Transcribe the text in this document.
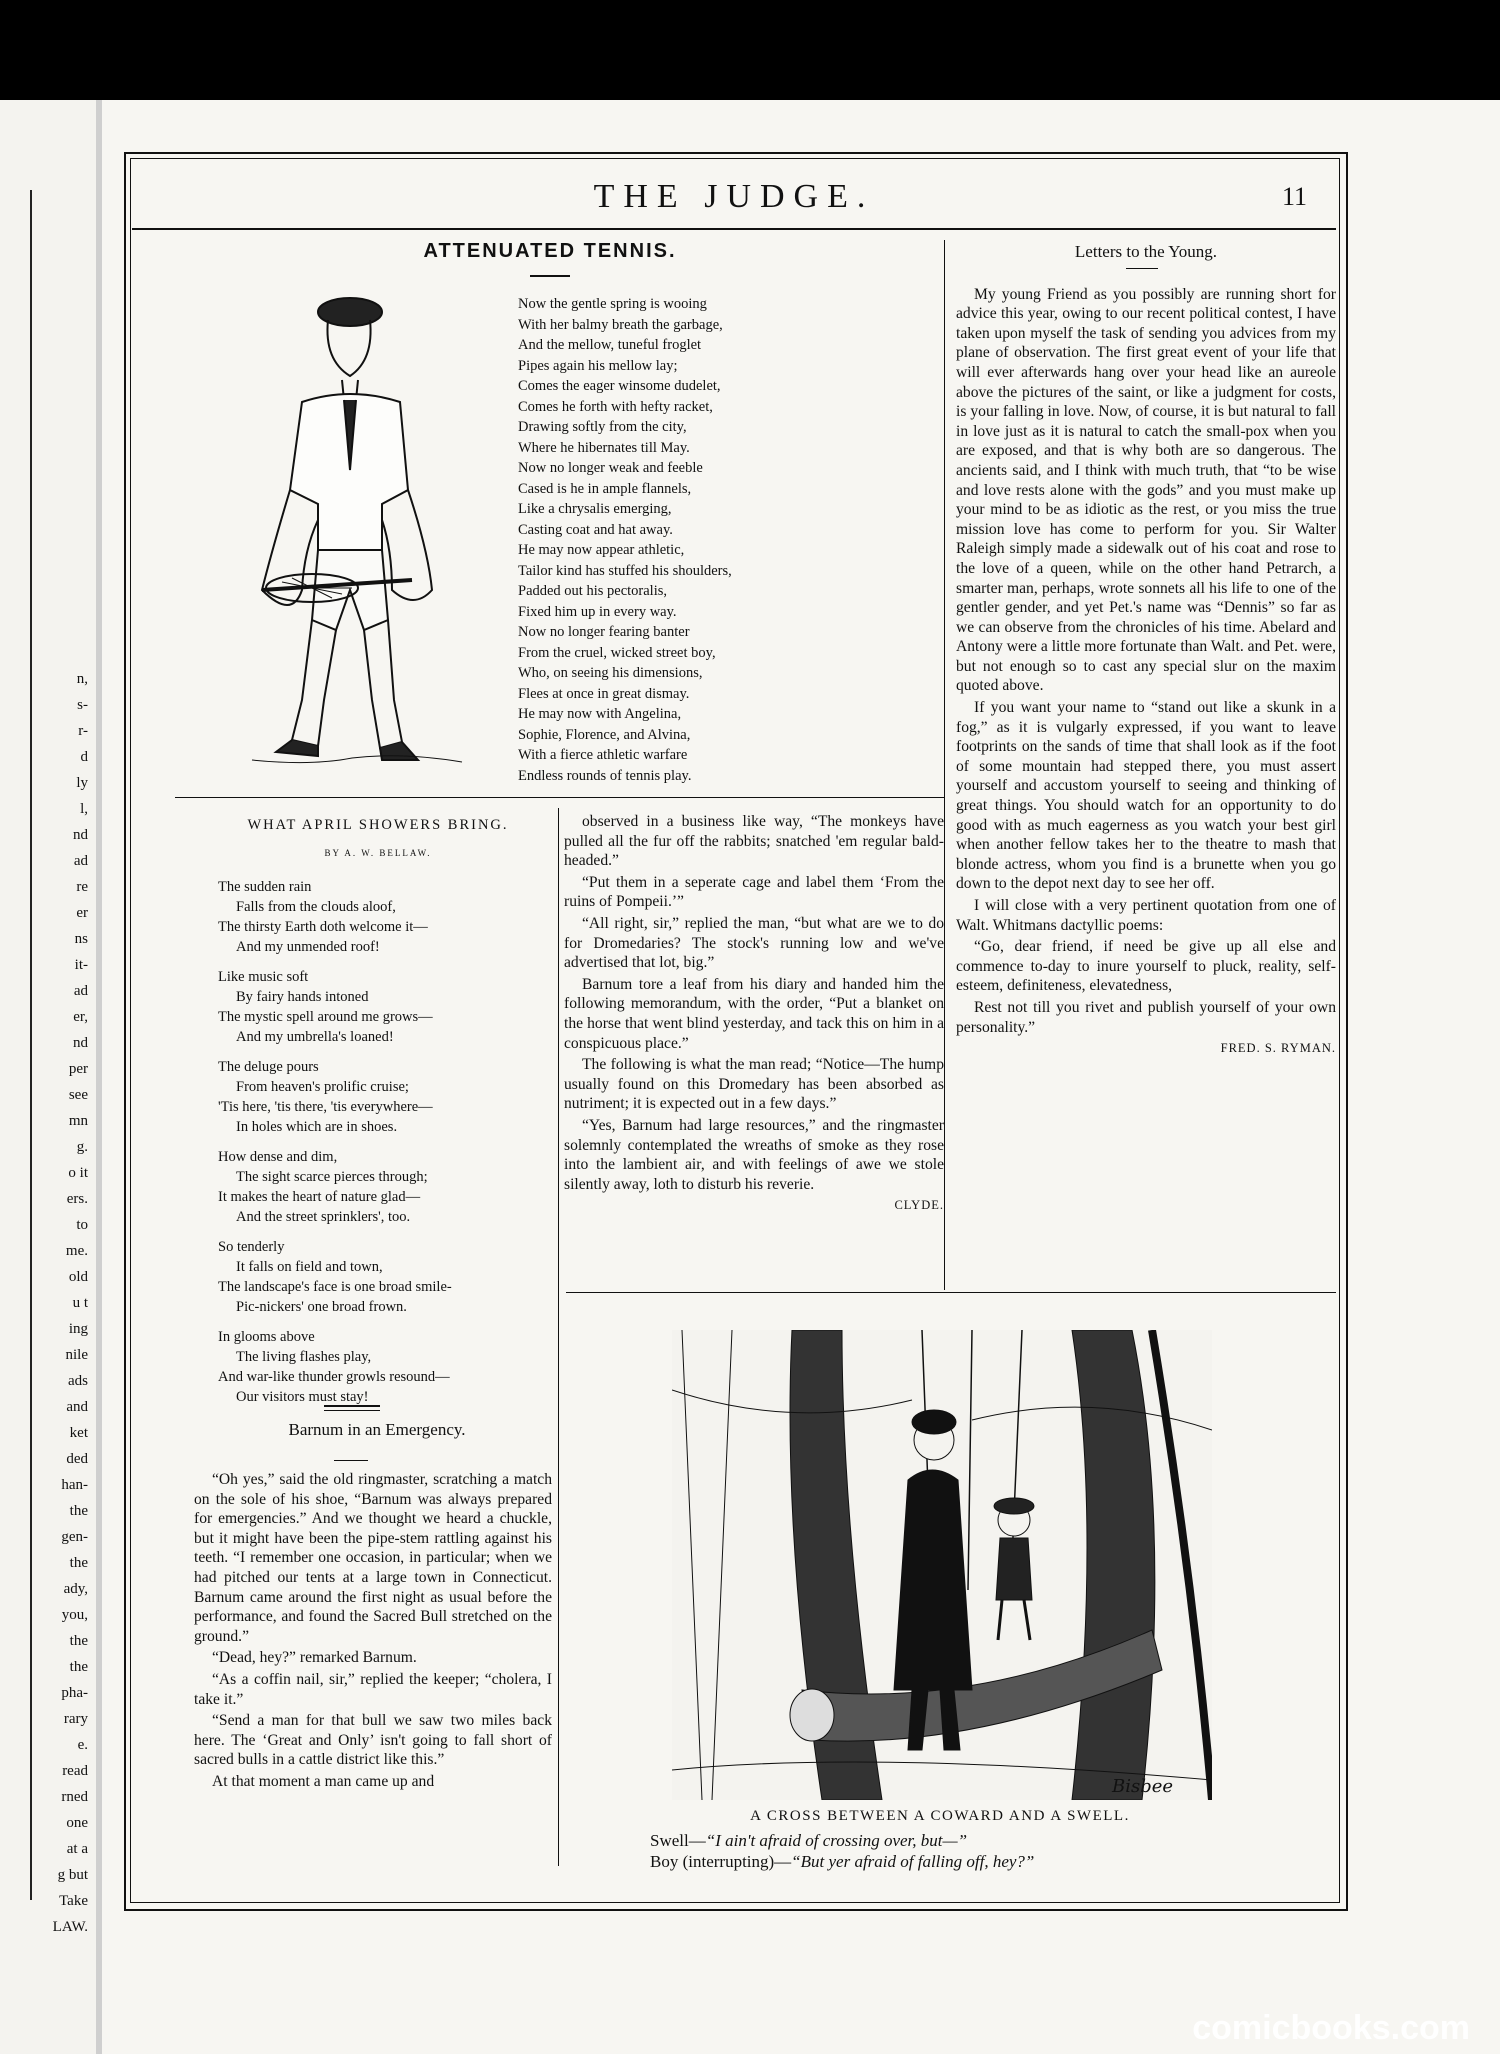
n,
s-
r-
d
ly
l,
nd
ad
re
er
ns
it-
ad
er,
nd
per
see
mn
g.
o it
ers.
to
me.
old
u t
ing
nile
ads
and
ket
ded
han-
the
gen-
the
ady,
you,
the
the
pha-
rary
e.
read
rned
one
at a
g but
Take
LAW.
THE JUDGE.	11
ATTENUATED TENNIS.
Now the gentle spring is wooing
With her balmy breath the garbage,
And the mellow, tuneful froglet
Pipes again his mellow lay;
Comes the eager winsome dudelet,
Comes he forth with hefty racket,
Drawing softly from the city,
Where he hibernates till May.
Now no longer weak and feeble
Cased is he in ample flannels,
Like a chrysalis emerging,
Casting coat and hat away.
He may now appear athletic,
Tailor kind has stuffed his shoulders,
Padded out his pectoralis,
Fixed him up in every way.
Now no longer fearing banter
From the cruel, wicked street boy,
Who, on seeing his dimensions,
Flees at once in great dismay.
He may now with Angelina,
Sophie, Florence, and Alvina,
With a fierce athletic warfare
Endless rounds of tennis play.
WHAT APRIL SHOWERS BRING.
BY A. W. BELLAW.
The sudden rain
Falls from the clouds aloof,
The thirsty Earth doth welcome it—
And my unmended roof!
Like music soft
By fairy hands intoned
The mystic spell around me grows—
And my umbrella's loaned!
The deluge pours
From heaven's prolific cruise;
'Tis here, 'tis there, 'tis everywhere—
In holes which are in shoes.
How dense and dim,
The sight scarce pierces through;
It makes the heart of nature glad—
And the street sprinklers', too.
So tenderly
It falls on field and town,
The landscape's face is one broad smile-
Pic-nickers' one broad frown.
In glooms above
The living flashes play,
And war-like thunder growls resound—
Our visitors must stay!
Barnum in an Emergency.

“Oh yes,” said the old ringmaster, scratching a match on the sole of his shoe, “Barnum was always prepared for emergencies.” And we thought we heard a chuckle, but it might have been the pipe-stem rattling against his teeth. “I remember one occasion, in particular; when we had pitched our tents at a large town in Connecticut. Barnum came around the first night as usual before the performance, and found the Sacred Bull stretched on the ground.”

“Dead, hey?” remarked Barnum.

“As a coffin nail, sir,” replied the keeper; “cholera, I take it.”

“Send a man for that bull we saw two miles back here. The ‘Great and Only’ isn't going to fall short of sacred bulls in a cattle district like this.”

At that moment a man came up and

observed in a business like way, “The monkeys have pulled all the fur off the rabbits; snatched 'em regular bald-headed.”

“Put them in a seperate cage and label them ‘From the ruins of Pompeii.’”

“All right, sir,” replied the man, “but what are we to do for Dromedaries? The stock's running low and we've advertised that lot, big.”

Barnum tore a leaf from his diary and handed him the following memorandum, with the order, “Put a blanket on the horse that went blind yesterday, and tack this on him in a conspicuous place.”

The following is what the man read; “Notice—The hump usually found on this Dromedary has been absorbed as nutriment; it is expected out in a few days.”

“Yes, Barnum had large resources,” and the ringmaster solemnly contemplated the wreaths of smoke as they rose into the lambient air, and with feelings of awe we stole silently away, loth to disturb his reverie.

CLYDE.
Letters to the Young.

My young Friend as you possibly are running short for advice this year, owing to our recent political contest, I have taken upon myself the task of sending you advices from my plane of observation. The first great event of your life that will ever afterwards hang over your head like an aureole above the pictures of the saint, or like a judgment for costs, is your falling in love. Now, of course, it is but natural to fall in love just as it is natural to catch the small-pox when you are exposed, and that is why both are so dangerous. The ancients said, and I think with much truth, that “to be wise and love rests alone with the gods” and you must make up your mind to be as idiotic as the rest, or you miss the true mission love has come to perform for you. Sir Walter Raleigh simply made a sidewalk out of his coat and rose to the love of a queen, while on the other hand Petrarch, a smarter man, perhaps, wrote sonnets all his life to one of the gentler gender, and yet Pet.'s name was “Dennis” so far as we can observe from the chronicles of his time. Abelard and Antony were a little more fortunate than Walt. and Pet. were, but not enough so to cast any special slur on the maxim quoted above.

If you want your name to “stand out like a skunk in a fog,” as it is vulgarly expressed, if you want to leave footprints on the sands of time that shall look as if the foot of some mountain had stepped there, you must assert yourself and accustom yourself to seeing and thinking of great things. You should watch for an opportunity to do good with as much eagerness as you watch your best girl when another fellow takes her to the theatre to mash that blonde actress, whom you find is a brunette when you go down to the depot next day to see her off.

I will close with a very pertinent quotation from one of Walt. Whitmans dactyllic poems:

“Go, dear friend, if need be give up all else and commence to-day to inure yourself to pluck, reality, self-esteem, definiteness, elevatedness,

Rest not till you rivet and publish yourself of your own personality.”

FRED. S. RYMAN.
Bisbee
A CROSS BETWEEN A COWARD AND A SWELL.
Swell—“I ain't afraid of crossing over, but—”
Boy (interrupting)—“But yer afraid of falling off, hey?”
comicbooks.com
